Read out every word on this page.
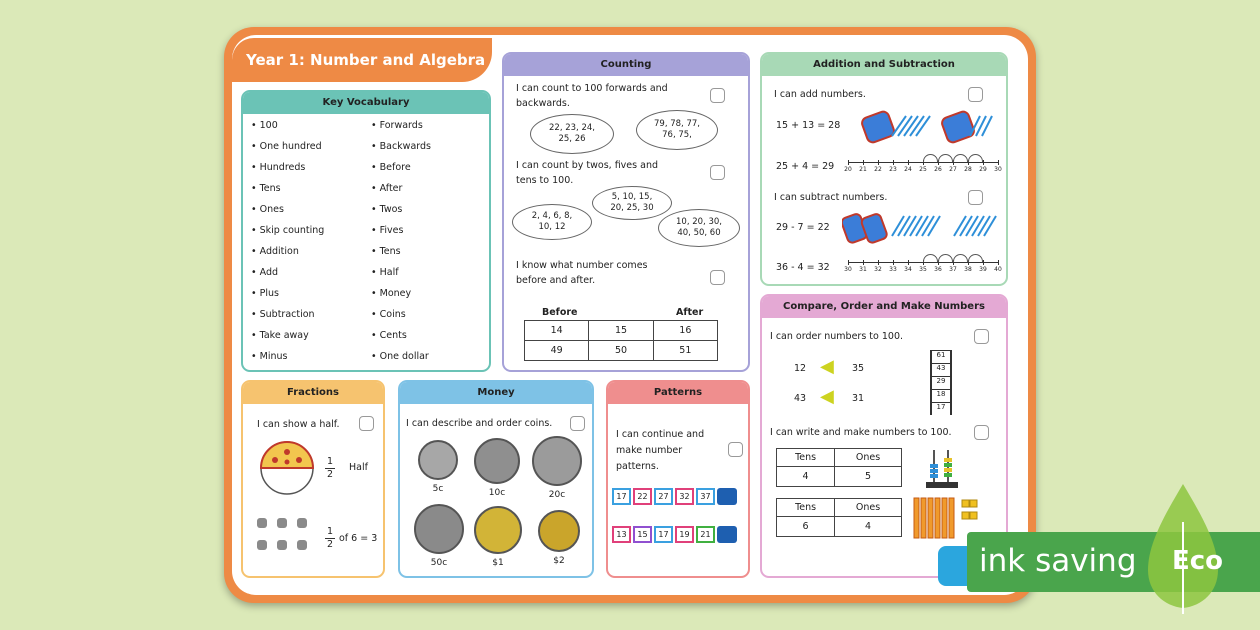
Year 1: Number and Algebra
Key Vocabulary
• 100
• One hundred
• Hundreds
• Tens
• Ones
• Skip counting
• Addition
• Add
• Plus
• Subtraction
• Take away
• Minus
• Forwards
• Backwards
• Before
• After
• Twos
• Fives
• Tens
• Half
• Money
• Coins
• Cents
• One dollar
Counting
I can count to 100 forwards and backwards.
22, 23, 24, 25, 26
79, 78, 77, 76, 75,
I can count by twos, fives and tens to 100.
5, 10, 15, 20, 25, 30
2, 4, 6, 8, 10, 12	10, 20, 30, 40, 50, 60
I know what number comes before and after.
Before	After
14	15	16
49	50	51
Addition and Subtraction
I can add numbers.
15 + 13 = 28
25 + 4 = 29	20	21	22	23	24	25	26	27	28	29	30
I can subtract numbers.
29 - 7 = 22
36 - 4 = 32	30	31	32	33	34	35	36	37	38	39	40
Compare, Order and Make Numbers
I can order numbers to 100.
12 ◀ 35
43 ◀ 31
61
43
29
18
17
I can write and make numbers to 100.
Tens	Ones
4	5
Tens	Ones
6	4
Fractions
I can show a half.
$\frac{1}{2}$ Half
$\frac{1}{2}$ of 6 = 3
Money
I can describe and order coins.
5c	10c	20c
50c	$1	$2
Patterns
I can continue and make number patterns.
17	22	27	32	37
13	15	17	19	21
ink saving	Eco
